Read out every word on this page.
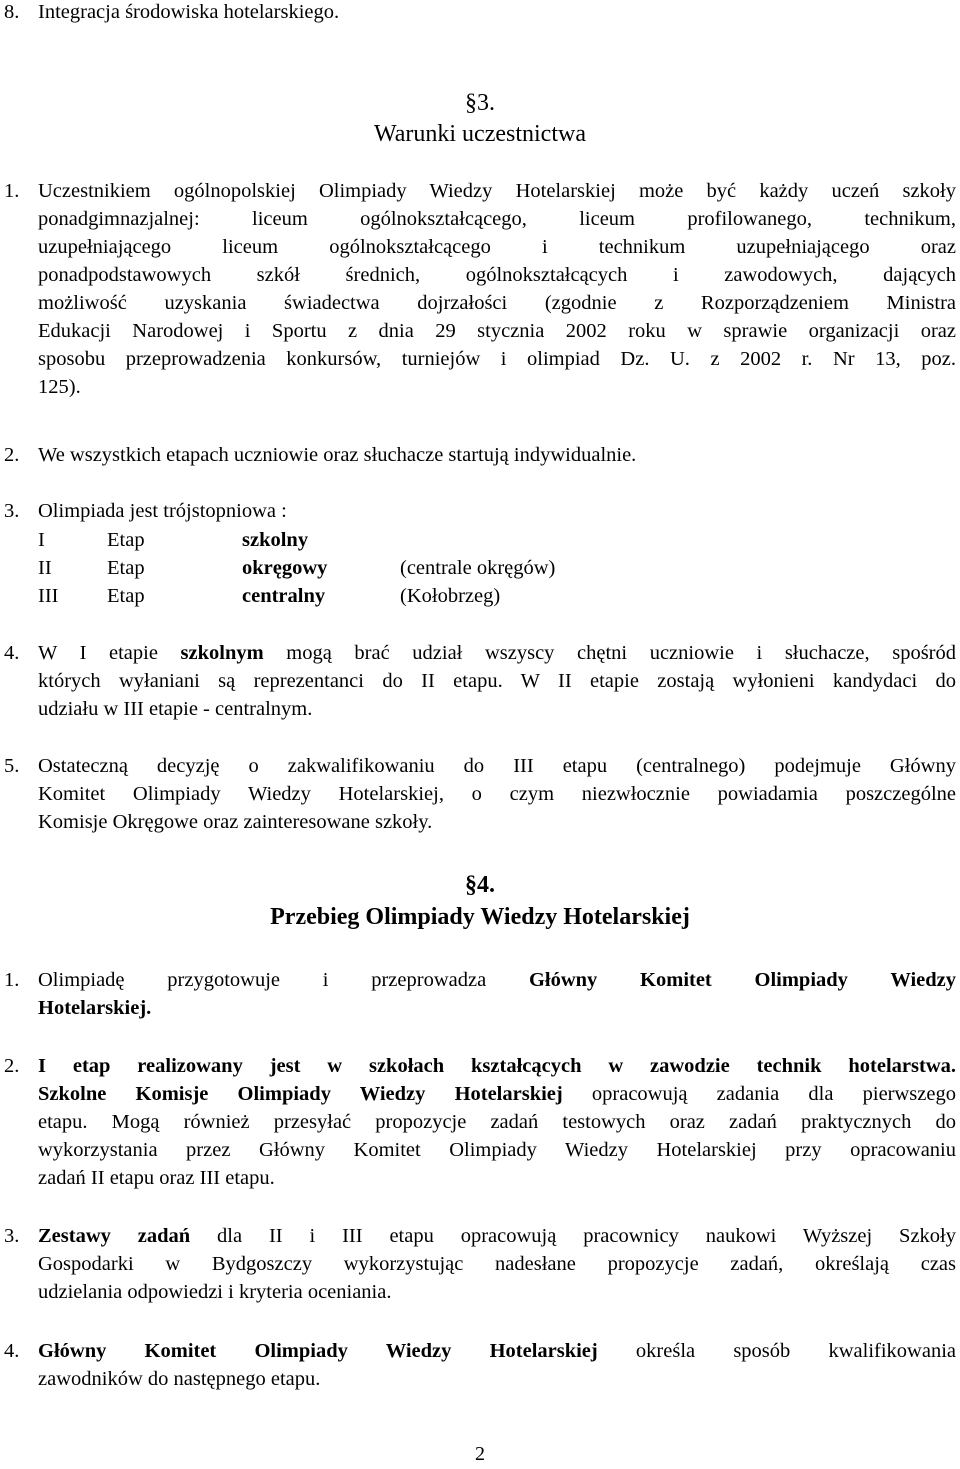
8. Integracja środowiska hotelarskiego.
§3.
Warunki uczestnictwa
1. Uczestnikiem ogólnopolskiej Olimpiady Wiedzy Hotelarskiej może być każdy uczeń szkoły
ponadgimnazjalnej: liceum ogólnokształcącego, liceum profilowanego, technikum,
uzupełniającego liceum ogólnokształcącego i technikum uzupełniającego oraz
ponadpodstawowych szkół średnich, ogólnokształcących i zawodowych, dających
możliwość uzyskania świadectwa dojrzałości (zgodnie z Rozporządzeniem Ministra
Edukacji Narodowej i Sportu z dnia 29 stycznia 2002 roku w sprawie organizacji oraz
sposobu przeprowadzenia konkursów, turniejów i olimpiad Dz. U. z 2002 r. Nr 13, poz.
125).
2. We wszystkich etapach uczniowie oraz słuchacze startują indywidualnie.
3. Olimpiada jest trójstopniowa :
I	Etap	szkolny
II	Etap	okręgowy	(centrale okręgów)
III Etap	centralny	(Kołobrzeg)
4. W I etapie szkolnym mogą brać udział wszyscy chętni uczniowie i słuchacze, spośród
których wyłaniani są reprezentanci do II etapu. W II etapie zostają wyłonieni kandydaci do
udziału w III etapie - centralnym.
5. Ostateczną decyzję o zakwalifikowaniu do III etapu (centralnego) podejmuje Główny
Komitet Olimpiady Wiedzy Hotelarskiej, o czym niezwłocznie powiadamia poszczególne
Komisje Okręgowe oraz zainteresowane szkoły.
§4.
Przebieg Olimpiady Wiedzy Hotelarskiej
1. Olimpiadę przygotowuje i przeprowadza Główny Komitet Olimpiady Wiedzy
Hotelarskiej.
2. I etap realizowany jest w szkołach kształcących w zawodzie technik hotelarstwa.
Szkolne Komisje Olimpiady Wiedzy Hotelarskiej opracowują zadania dla pierwszego
etapu. Mogą również przesyłać propozycje zadań testowych oraz zadań praktycznych do
wykorzystania przez Główny Komitet Olimpiady Wiedzy Hotelarskiej przy opracowaniu
zadań II etapu oraz III etapu.
3. Zestawy zadań dla II i III etapu opracowują pracownicy naukowi Wyższej Szkoły
Gospodarki w Bydgoszczy wykorzystując nadesłane propozycje zadań, określają czas
udzielania odpowiedzi i kryteria oceniania.
4. Główny Komitet Olimpiady Wiedzy Hotelarskiej określa sposób kwalifikowania
zawodników do następnego etapu.
2
